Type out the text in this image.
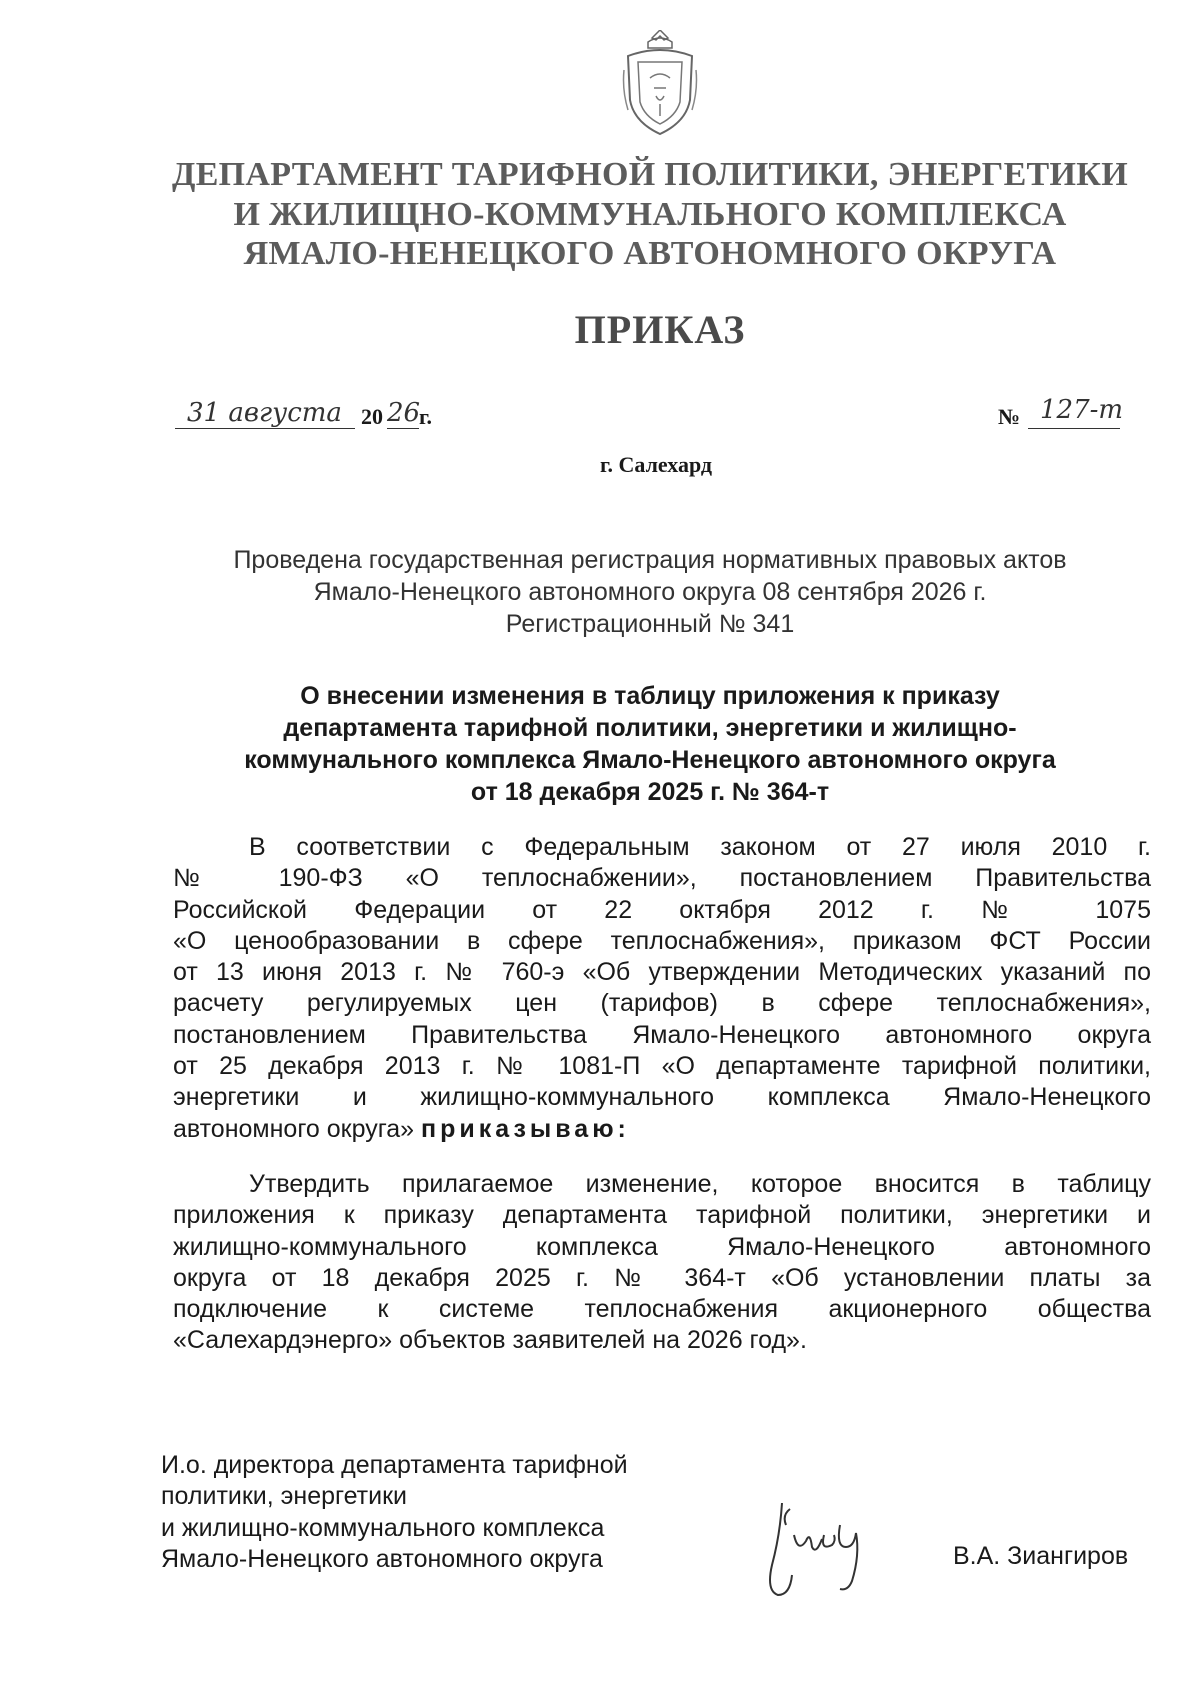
ДЕПАРТАМЕНТ ТАРИФНОЙ ПОЛИТИКИ, ЭНЕРГЕТИКИ
И ЖИЛИЩНО-КОММУНАЛЬНОГО КОМПЛЕКСА
ЯМАЛО-НЕНЕЦКОГО АВТОНОМНОГО ОКРУГА
ПРИКАЗ
31 августа 20 26
г.	№ 127-т
г. Салехард
Проведена государственная регистрация нормативных правовых актов
Ямало-Ненецкого автономного округа 08 сентября 2026 г.
Регистрационный № 341
О внесении изменения в таблицу приложения к приказу
департамента тарифной политики, энергетики и жилищно-
коммунального комплекса Ямало-Ненецкого автономного округа
от 18 декабря 2025 г. № 364-т
В соответствии с Федеральным законом от 27 июля 2010 г.
№ 190-ФЗ «О теплоснабжении», постановлением Правительства
Российской Федерации от 22 октября 2012 г. № 1075
«О ценообразовании в сфере теплоснабжения», приказом ФСТ России
от 13 июня 2013 г. № 760-э «Об утверждении Методических указаний по
расчету регулируемых цен (тарифов) в сфере теплоснабжения»,
постановлением Правительства Ямало-Ненецкого автономного округа
от 25 декабря 2013 г. № 1081-П «О департаменте тарифной политики,
энергетики и жилищно-коммунального комплекса Ямало-Ненецкого
автономного округа» приказываю:
Утвердить прилагаемое изменение, которое вносится в таблицу
приложения к приказу департамента тарифной политики, энергетики и
жилищно-коммунального комплекса Ямало-Ненецкого автономного
округа от 18 декабря 2025 г. № 364-т «Об установлении платы за
подключение к системе теплоснабжения акционерного общества
«Салехардэнерго» объектов заявителей на 2026 год».
И.о. директора департамента тарифной
политики, энергетики
и жилищно-коммунального комплекса
Ямало-Ненецкого автономного округа	В.А. Зиангиров
